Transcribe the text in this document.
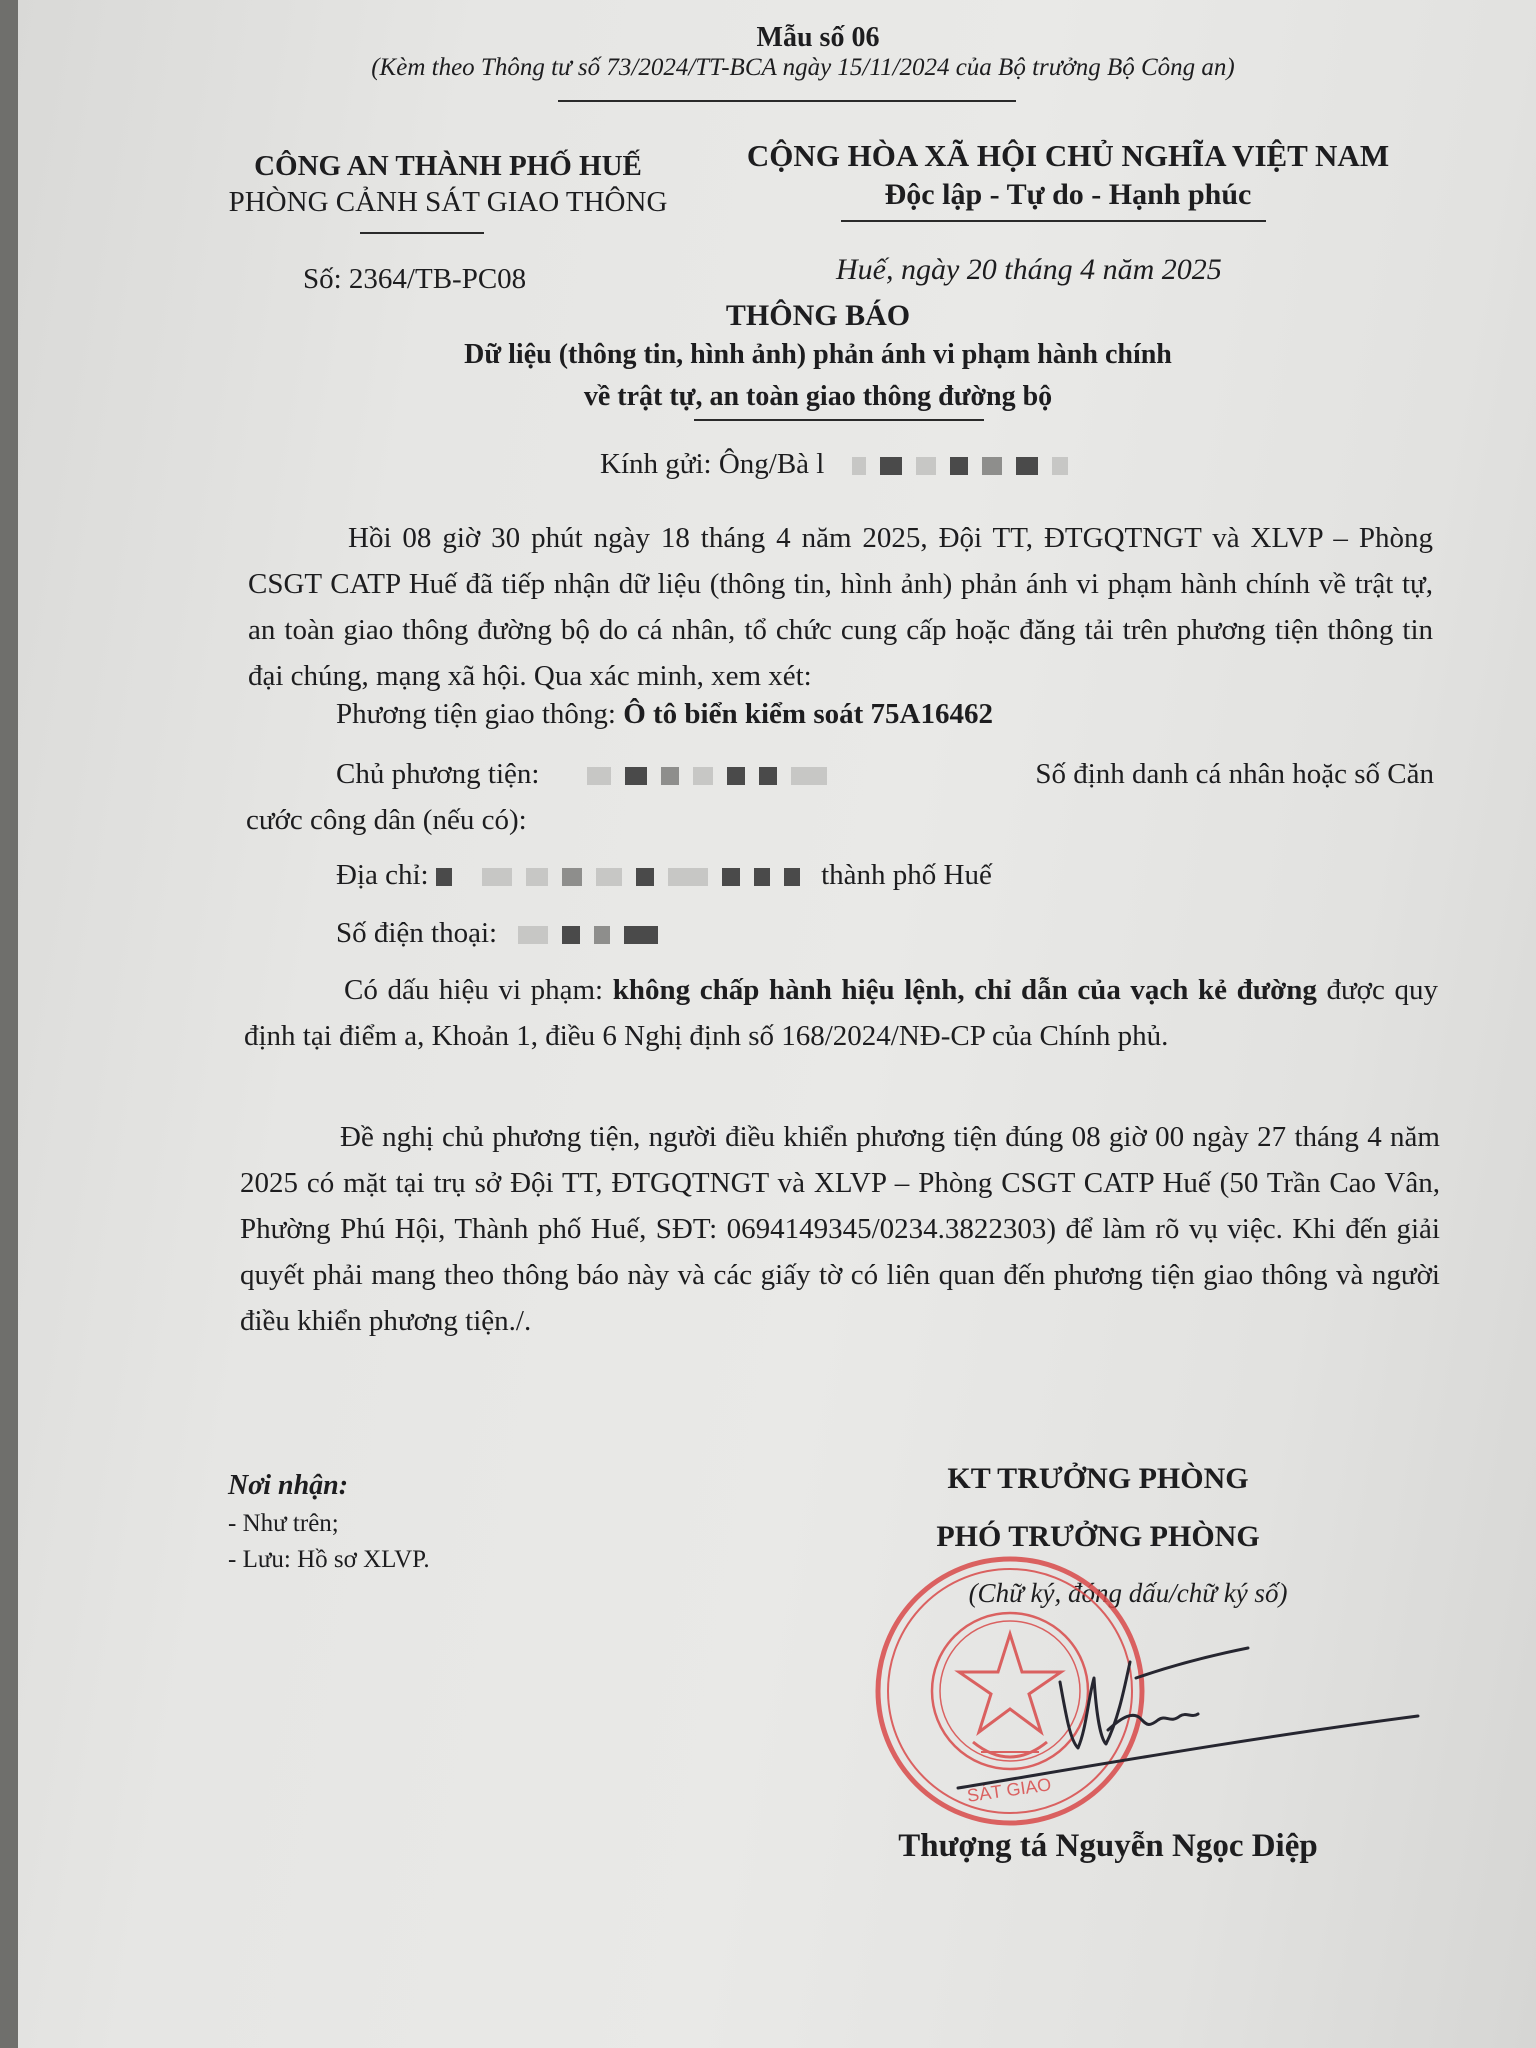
Mẫu số 06
(Kèm theo Thông tư số 73/2024/TT-BCA ngày 15/11/2024 của Bộ trưởng Bộ Công an)
CÔNG AN THÀNH PHỐ HUẾ
PHÒNG CẢNH SÁT GIAO THÔNG
CỘNG HÒA XÃ HỘI CHỦ NGHĨA VIỆT NAM
Độc lập - Tự do - Hạnh phúc
Số: 2364/TB-PC08	Huế, ngày 20 tháng 4 năm 2025
THÔNG BÁO
Dữ liệu (thông tin, hình ảnh) phản ánh vi phạm hành chính
về trật tự, an toàn giao thông đường bộ
Kính gửi: Ông/Bà l

Hồi 08 giờ 30 phút ngày 18 tháng 4 năm 2025, Đội TT, ĐTGQTNGT và XLVP – Phòng CSGT CATP Huế đã tiếp nhận dữ liệu (thông tin, hình ảnh) phản ánh vi phạm hành chính về trật tự, an toàn giao thông đường bộ do cá nhân, tổ chức cung cấp hoặc đăng tải trên phương tiện thông tin đại chúng, mạng xã hội. Qua xác minh, xem xét:

Phương tiện giao thông: Ô tô biển kiểm soát 75A16462
Chủ phương tiện:	Số định danh cá nhân hoặc số Căn
cước công dân (nếu có):
Địa chỉ:	thành phố Huế
Số điện thoại:

Có dấu hiệu vi phạm: không chấp hành hiệu lệnh, chỉ dẫn của vạch kẻ đường được quy định tại điểm a, Khoản 1, điều 6 Nghị định số 168/2024/NĐ-CP của Chính phủ.

Đề nghị chủ phương tiện, người điều khiển phương tiện đúng 08 giờ 00 ngày 27 tháng 4 năm 2025 có mặt tại trụ sở Đội TT, ĐTGQTNGT và XLVP – Phòng CSGT CATP Huế (50 Trần Cao Vân, Phường Phú Hội, Thành phố Huế, SĐT: 0694149345/0234.3822303) để làm rõ vụ việc. Khi đến giải quyết phải mang theo thông báo này và các giấy tờ có liên quan đến phương tiện giao thông và người điều khiển phương tiện./.

Nơi nhận:
- Như trên;
- Lưu: Hồ sơ XLVP.
KT TRƯỞNG PHÒNG
PHÓ TRƯỞNG PHÒNG
(Chữ ký, đóng dấu/chữ ký số)
SÁT GIAO
Thượng tá Nguyễn Ngọc Diệp
